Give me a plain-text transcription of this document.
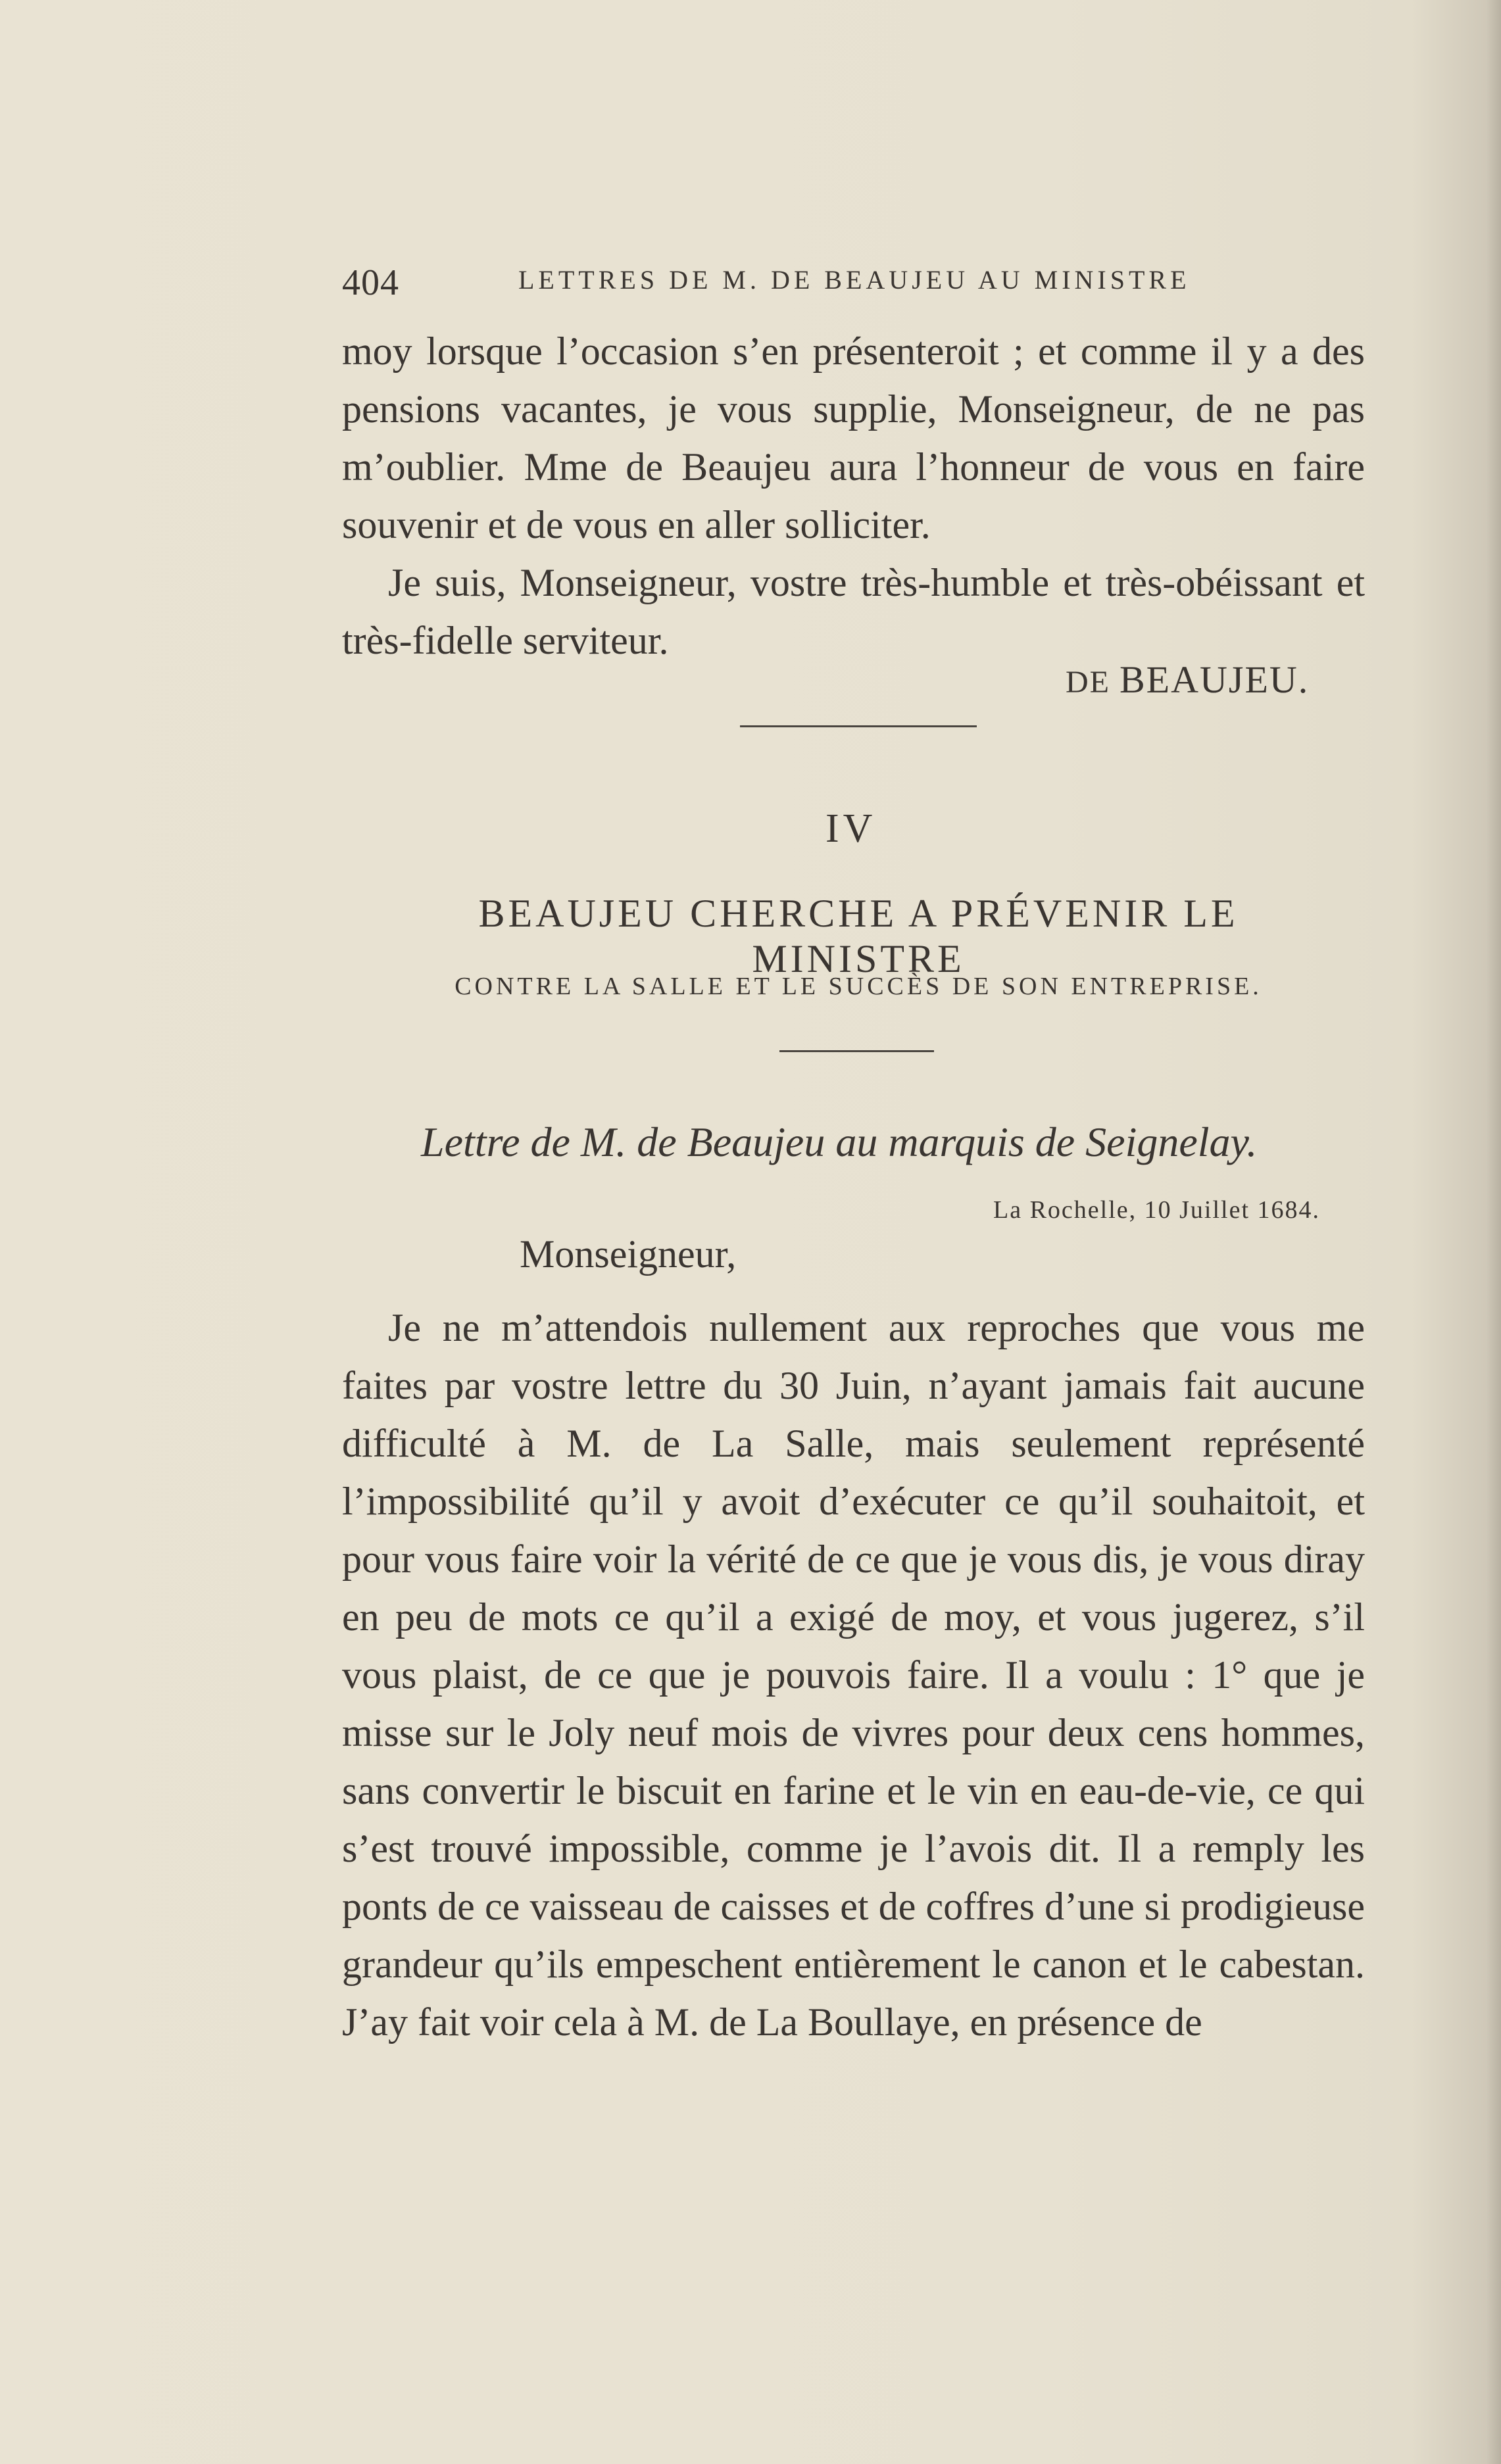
404	LETTRES DE M. DE BEAUJEU AU MINISTRE

moy lorsque l’occasion s’en présenteroit ; et comme il y a des pensions vacantes, je vous supplie, Monseigneur, de ne pas m’oublier. Mme de Beaujeu aura l’honneur de vous en faire souvenir et de vous en aller solliciter.

Je suis, Monseigneur, vostre très-humble et très-obéissant et très-fidelle serviteur.

DE BEAUJEU.
IV
BEAUJEU CHERCHE A PRÉVENIR LE MINISTRE
CONTRE LA SALLE ET LE SUCCÈS DE SON ENTREPRISE.
Lettre de M. de Beaujeu au marquis de Seignelay.
La Rochelle, 10 Juillet 1684.
Monseigneur,

Je ne m’attendois nullement aux reproches que vous me faites par vostre lettre du 30 Juin, n’ayant jamais fait aucune difficulté à M. de La Salle, mais seulement représenté l’impossibilité qu’il y avoit d’exécuter ce qu’il souhaitoit, et pour vous faire voir la vérité de ce que je vous dis, je vous diray en peu de mots ce qu’il a exigé de moy, et vous jugerez, s’il vous plaist, de ce que je pouvois faire. Il a voulu : 1° que je misse sur le Joly neuf mois de vivres pour deux cens hommes, sans convertir le biscuit en farine et le vin en eau-de-vie, ce qui s’est trouvé impossible, comme je l’avois dit. Il a remply les ponts de ce vaisseau de caisses et de coffres d’une si prodigieuse grandeur qu’ils empeschent entièrement le canon et le cabestan. J’ay fait voir cela à M. de La Boullaye, en présence de
